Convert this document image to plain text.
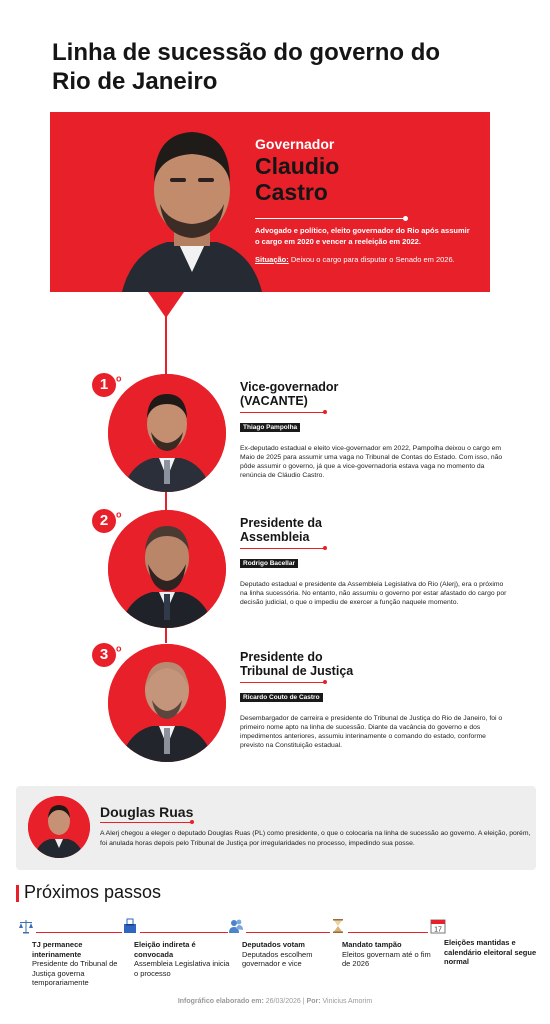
Linha de sucessão do governo do Rio de Janeiro
Governador
Claudio
Castro
Advogado e político, eleito governador do Rio após assumir o cargo em 2020 e vencer a reeleição em 2022.
Situação: Deixou o cargo para disputar o Senado em 2026.
1 $^o$
Vice-governador
(VACANTE)
Thiago Pampolha
Ex-deputado estadual e eleito vice-governador em 2022, Pampolha deixou o cargo em Maio de 2025 para assumir uma vaga no Tribunal de Contas do Estado. Com isso, não pôde assumir o governo, já que a vice-governadoria estava vaga no momento da renúncia de Cláudio Castro.
2 $^o$
Presidente da
Assembleia
Rodrigo Bacellar
Deputado estadual e presidente da Assembleia Legislativa do Rio (Alerj), era o próximo na linha sucessória. No entanto, não assumiu o governo por estar afastado do cargo por decisão judicial, o que o impediu de exercer a função naquele momento.
3 $^o$
Presidente do
Tribunal de Justiça
Ricardo Couto de Castro
Desembargador de carreira e presidente do Tribunal de Justiça do Rio de Janeiro, foi o primeiro nome apto na linha de sucessão. Diante da vacância do governo e dos impedimentos anteriores, assumiu interinamente o comando do estado, conforme previsto na Constituição estadual.
Douglas Ruas
A Alerj chegou a eleger o deputado Douglas Ruas (PL) como presidente, o que o colocaria na linha de sucessão ao governo. A eleição, porém, foi anulada horas depois pelo Tribunal de Justiça por irregularidades no processo, impedindo sua posse.
Próximos passos
17
TJ permanece interinamente
Presidente do Tribunal de Justiça governa temporariamente
Eleição indireta é convocada
Assembleia Legislativa inicia o processo
Deputados votam
Deputados escolhem governador e vice
Mandato tampão
Eleitos governam até o fim de 2026
Eleições mantidas e calendário eleitoral segue normal
Infográfico elaborado em: 26/03/2026 | Por: Vinicius Amorim
